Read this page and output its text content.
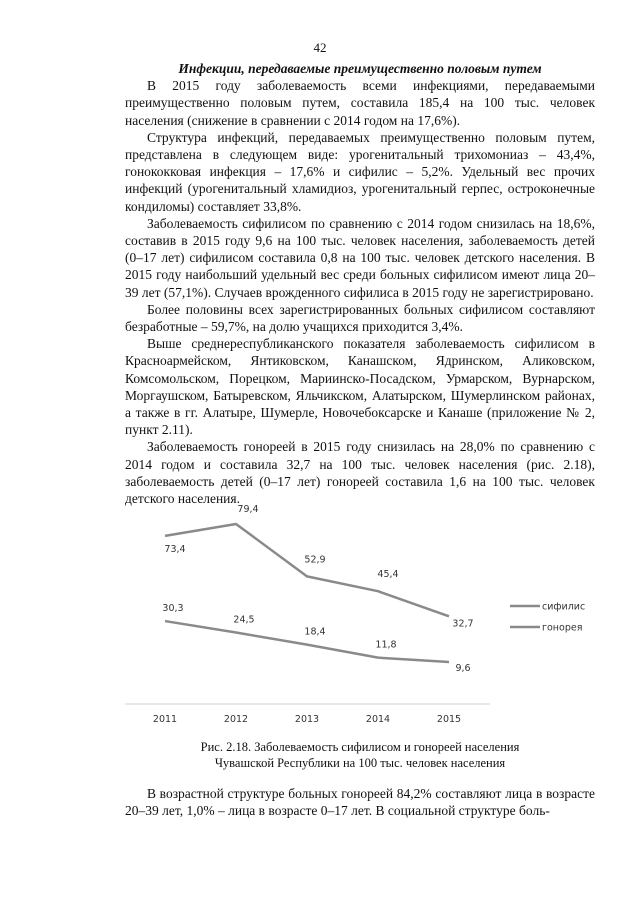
42
Инфекции, передаваемые преимущественно половым путем

В 2015 году заболеваемость всеми инфекциями, передаваемыми преимущественно половым путем, составила 185,4 на 100 тыс. человек населения (снижение в сравнении с 2014 годом на 17,6%).

Структура инфекций, передаваемых преимущественно половым путем, представлена в следующем виде: урогенитальный трихомониаз – 43,4%, гонококковая инфекция – 17,6% и сифилис – 5,2%. Удельный вес прочих инфекций (урогенитальный хламидиоз, урогенитальный герпес, остроконечные кондиломы) составляет 33,8%.

Заболеваемость сифилисом по сравнению с 2014 годом снизилась на 18,6%, составив в 2015 году 9,6 на 100 тыс. человек населения, заболеваемость детей (0–17 лет) сифилисом составила 0,8 на 100 тыс. человек детского населения. В 2015 году наибольший удельный вес среди больных сифилисом имеют лица 20–39 лет (57,1%). Случаев врожденного сифилиса в 2015 году не зарегистрировано.

Более половины всех зарегистрированных больных сифилисом составляют безработные – 59,7%, на долю учащихся приходится 3,4%.

Выше среднереспубликанского показателя заболеваемость сифилисом в Красноармейском, Янтиковском, Канашском, Ядринском, Аликовском, Комсомольском, Порецком, Мариинско-Посадском, Урмарском, Вурнарском, Моргаушском, Батыревском, Яльчикском, Алатырском, Шумерлинском районах, а также в гг. Алатыре, Шумерле, Новочебоксарске и Канаше (приложение № 2, пункт 2.11).

Заболеваемость гонореей в 2015 году снизилась на 28,0% по сравнению с 2014 годом и составила 32,7 на 100 тыс. человек населения (рис. 2.18), заболеваемость детей (0–17 лет) гонореей составила 1,6 на 100 тыс. человек детского населения.

2011	2012	2013	2014	2015
73,4
79,4
52,9
45,4
32,7
30,3
24,5
18,4
11,8
9,6
сифилис
гонорея
Рис. 2.18. Заболеваемость сифилисом и гонореей населения
Чувашской Республики на 100 тыс. человек населения

В возрастной структуре больных гонореей 84,2% составляют лица в возрасте 20–39 лет, 1,0% – лица в возрасте 0–17 лет. В социальной структуре боль-
